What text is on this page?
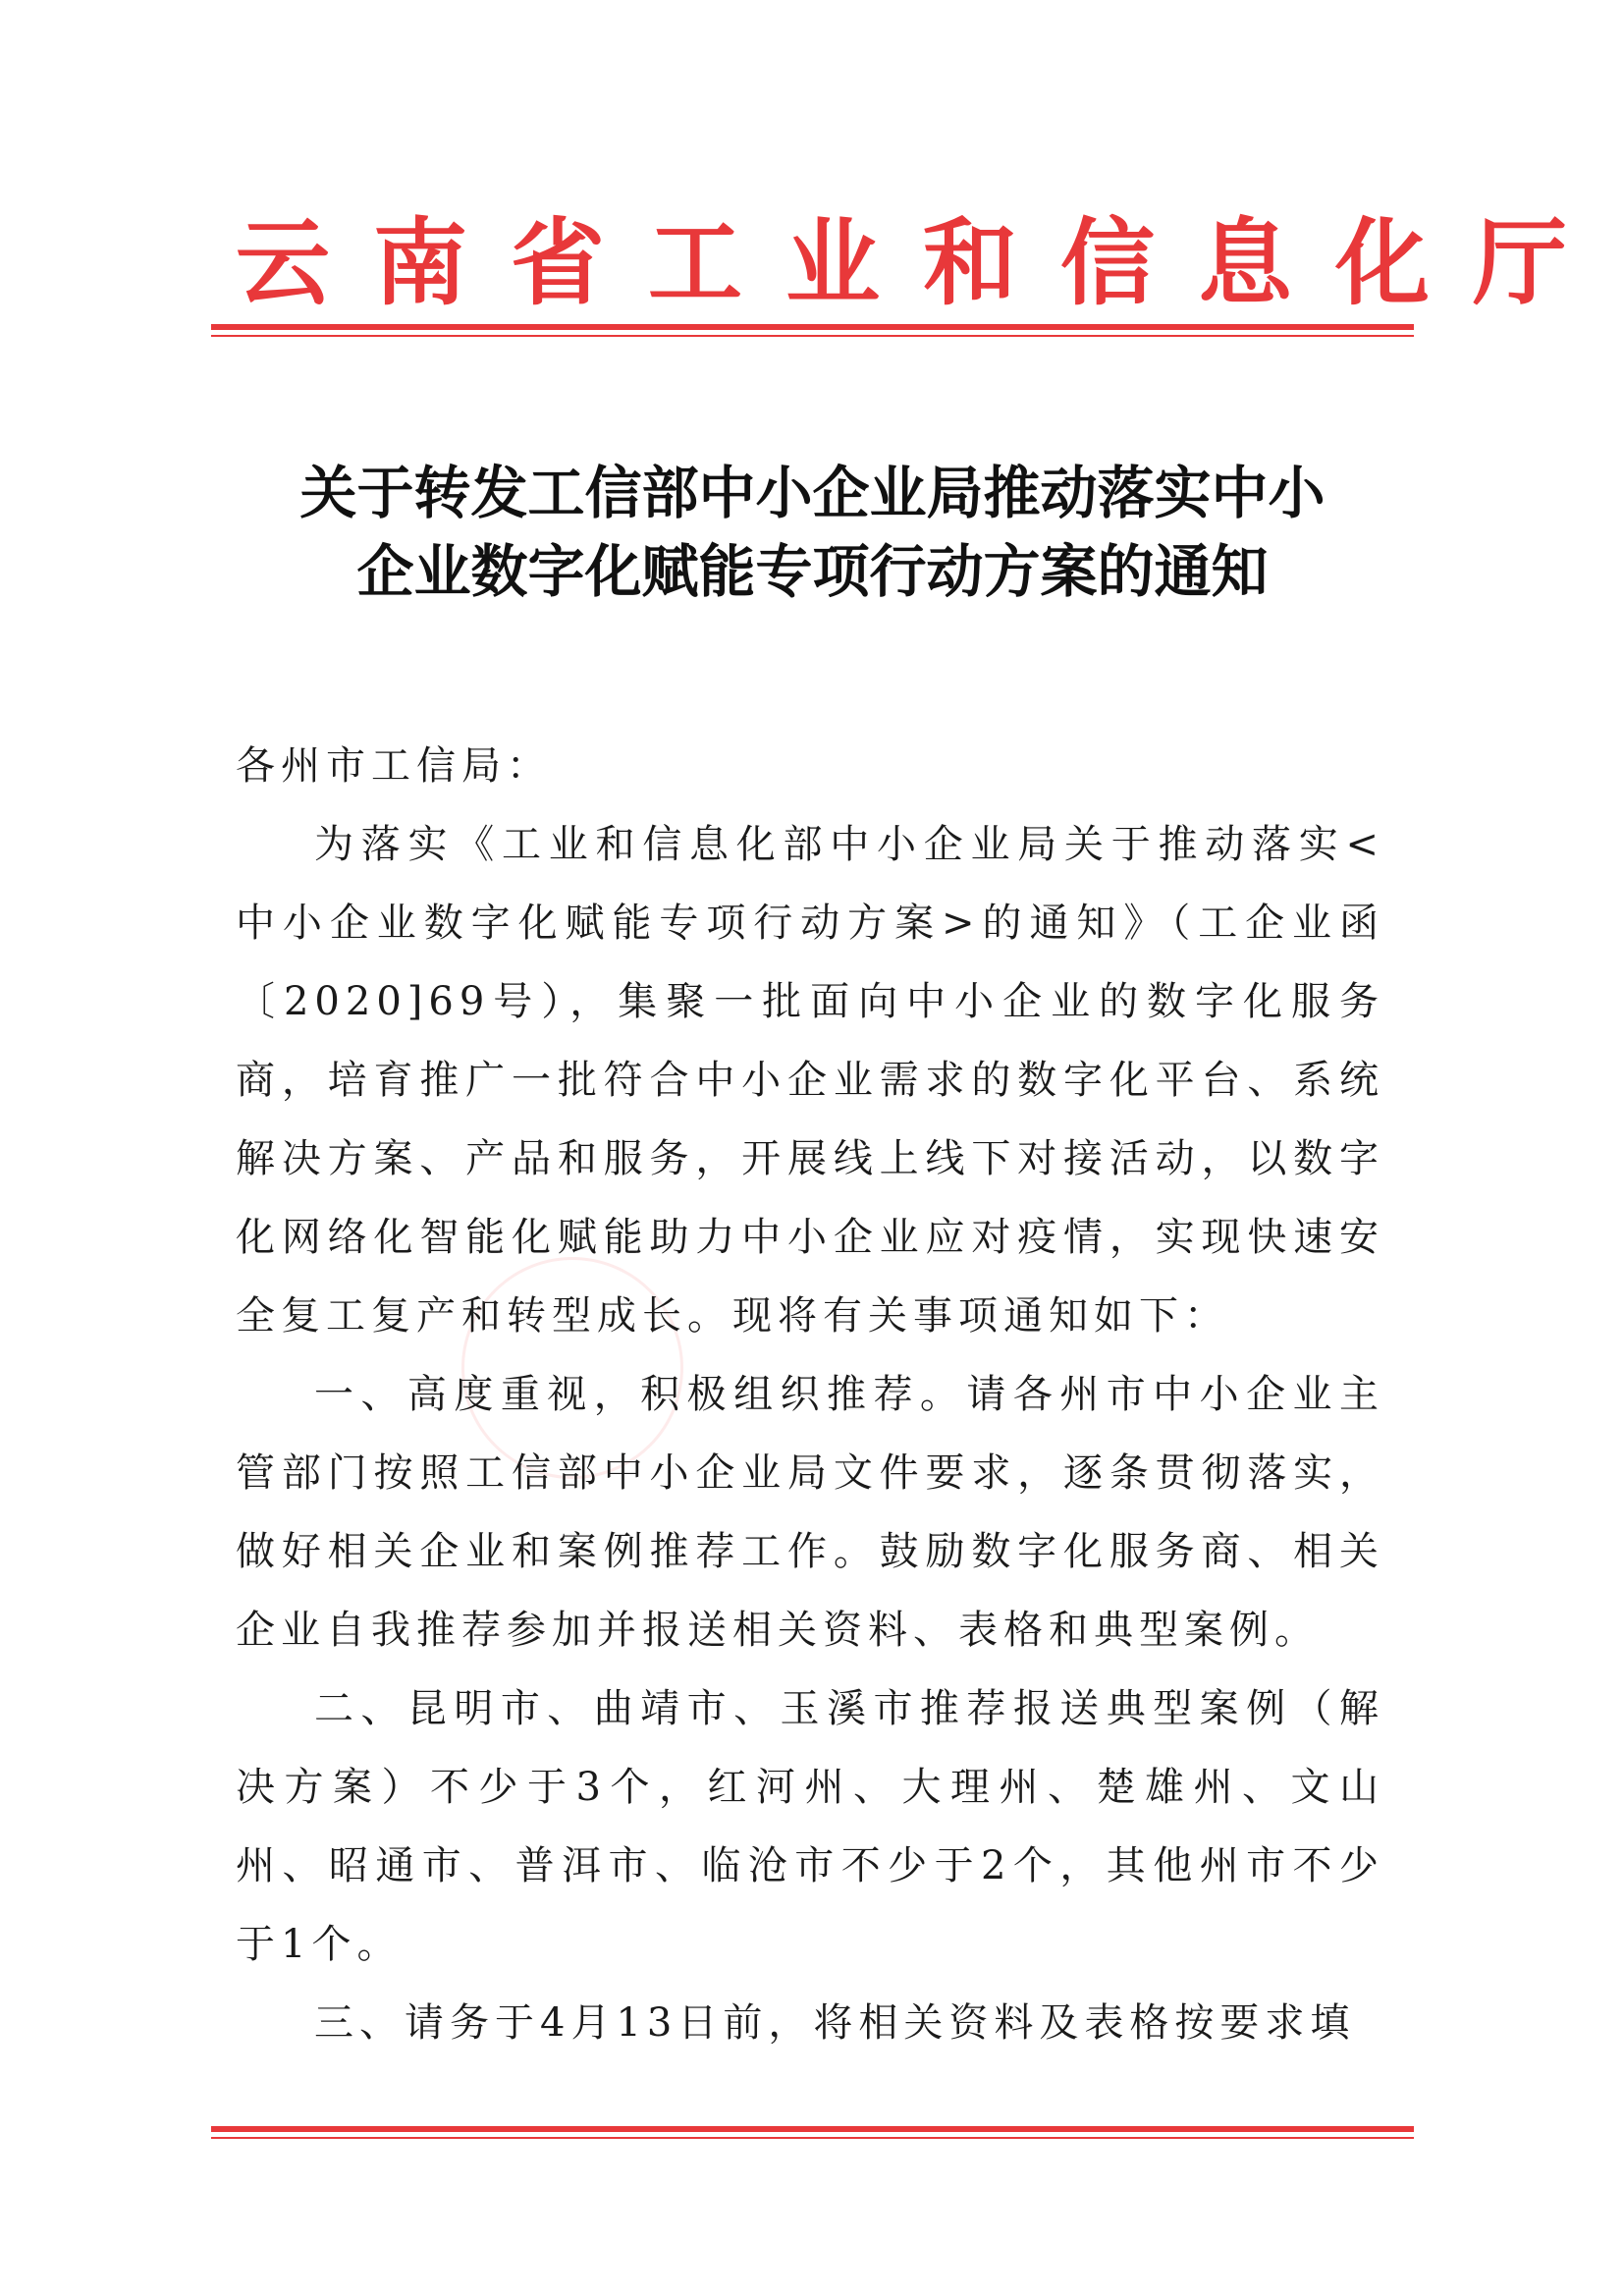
云南省工业和信息化厅
关于转发工信部中小企业局推动落实中小
企业数字化赋能专项行动方案的通知

各州市工信局：

为落实《工业和信息化部中小企业局关于推动落实<中小企业数字化赋能专项行动方案>的通知》（工企业函〔2020]69号），集聚一批面向中小企业的数字化服务商，培育推广一批符合中小企业需求的数字化平台、系统解决方案、产品和服务，开展线上线下对接活动，以数字化网络化智能化赋能助力中小企业应对疫情，实现快速安全复工复产和转型成长。现将有关事项通知如下：

一、高度重视，积极组织推荐。请各州市中小企业主管部门按照工信部中小企业局文件要求，逐条贯彻落实，做好相关企业和案例推荐工作。鼓励数字化服务商、相关企业自我推荐参加并报送相关资料、表格和典型案例。

二、昆明市、曲靖市、玉溪市推荐报送典型案例（解决方案）不少于3个，红河州、大理州、楚雄州、文山州、昭通市、普洱市、临沧市不少于2个，其他州市不少于1个。

三、请务于4月13日前，将相关资料及表格按要求填
